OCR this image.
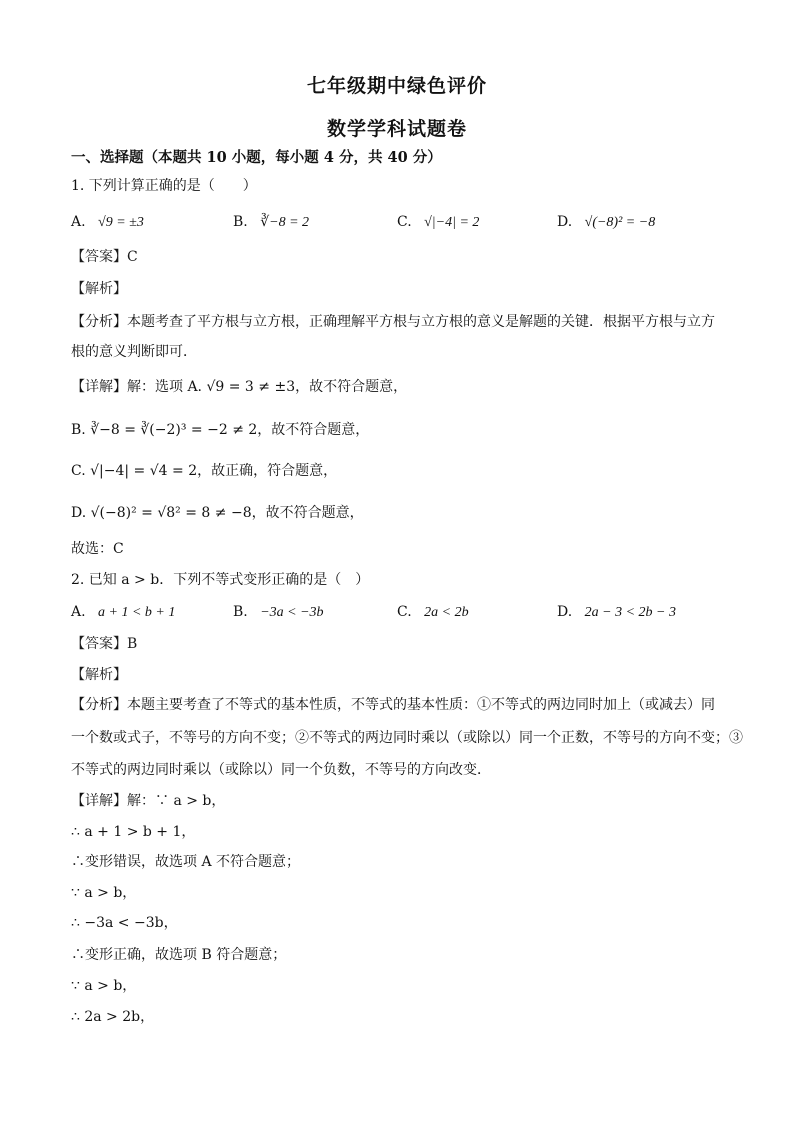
七年级期中绿色评价
数学学科试题卷
一、选择题（本题共 10 小题，每小题 4 分，共 40 分）
1. 下列计算正确的是（　　）
A. √9 = ±3	B. ∛−8 = 2	C. √|−4| = 2	D. √(−8)² = −8
【答案】C
【解析】
【分析】本题考查了平方根与立方根，正确理解平方根与立方根的意义是解题的关键．根据平方根与立方
根的意义判断即可．
【详解】解：选项 A. √9 = 3 ≠ ±3，故不符合题意，
B. ∛−8 = ∛(−2)³ = −2 ≠ 2，故不符合题意，
C. √|−4| = √4 = 2，故正确，符合题意，
D. √(−8)² = √8² = 8 ≠ −8，故不符合题意，
故选：C
2. 已知 a > b．下列不等式变形正确的是（　）
A. a + 1 < b + 1	B. −3a < −3b	C. 2a < 2b	D. 2a − 3 < 2b − 3
【答案】B
【解析】
【分析】本题主要考查了不等式的基本性质，不等式的基本性质：①不等式的两边同时加上（或减去）同
一个数或式子，不等号的方向不变；②不等式的两边同时乘以（或除以）同一个正数，不等号的方向不变；③
不等式的两边同时乘以（或除以）同一个负数，不等号的方向改变．
【详解】解：∵ a > b，
∴ a + 1 > b + 1，
∴变形错误，故选项 A 不符合题意；
∵ a > b，
∴ −3a < −3b，
∴变形正确，故选项 B 符合题意；
∵ a > b，
∴ 2a > 2b，
